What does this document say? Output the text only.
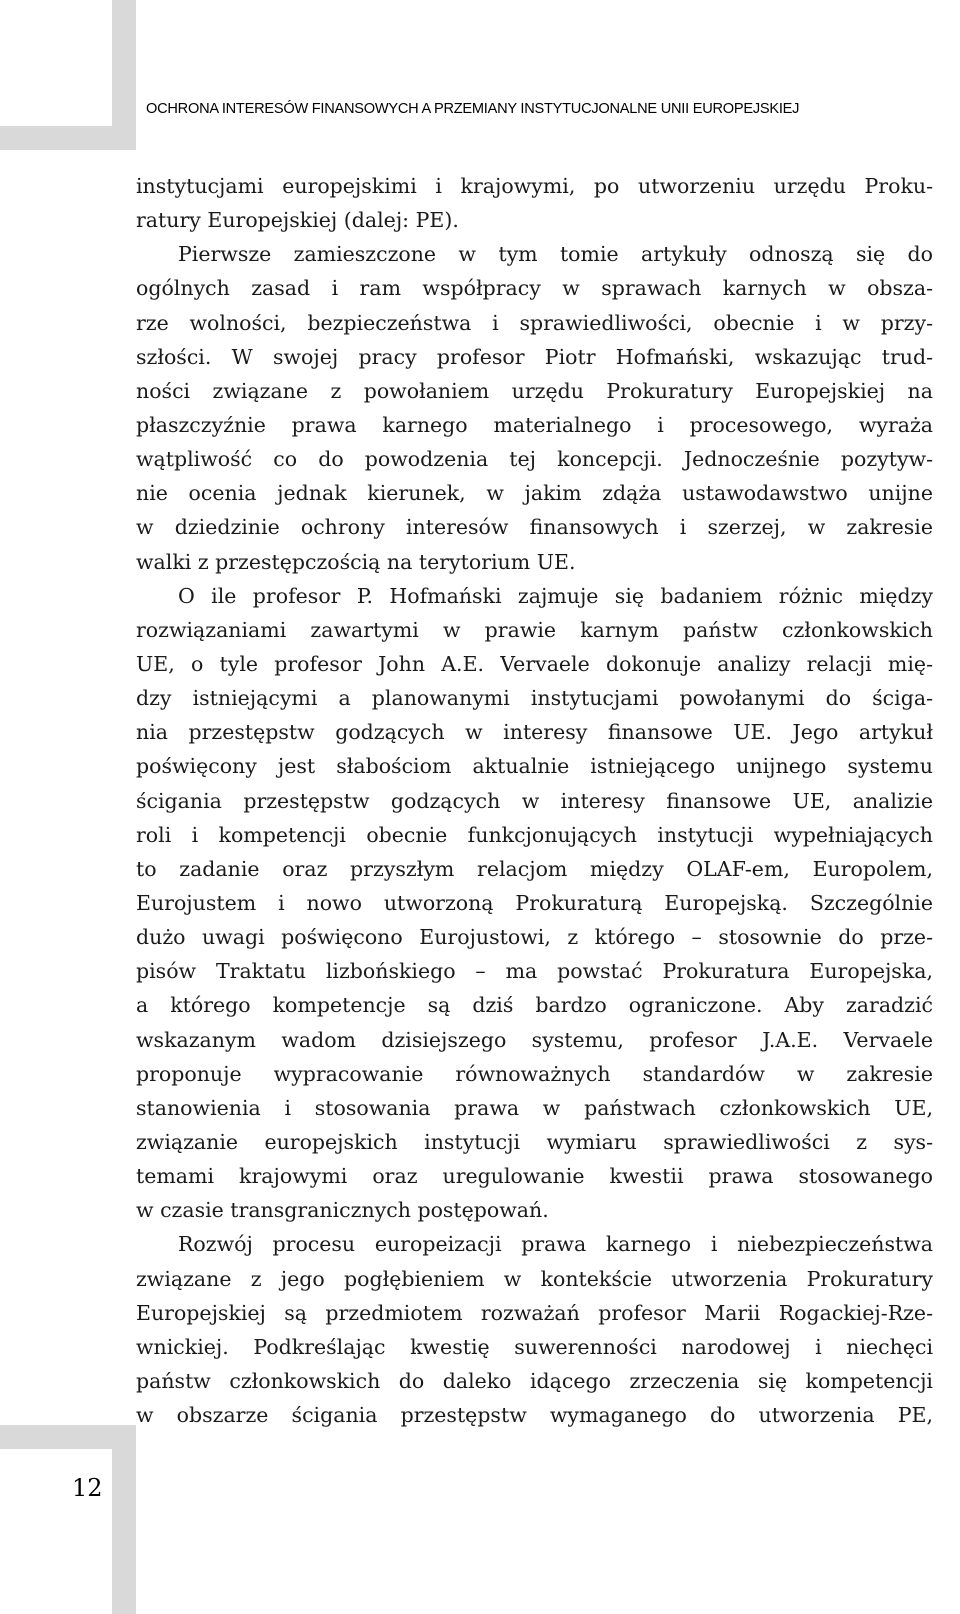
OCHRONA INTERESÓW FINANSOWYCH A PRZEMIANY INSTYTUCJONALNE UNII EUROPEJSKIEJ
instytucjami europejskimi i krajowymi, po utworzeniu urzędu Proku-
ratury Europejskiej (dalej: PE).
Pierwsze zamieszczone w tym tomie artykuły odnoszą się do
ogólnych zasad i ram współpracy w sprawach karnych w obsza-
rze wolności, bezpieczeństwa i sprawiedliwości, obecnie i w przy-
szłości. W swojej pracy profesor Piotr Hofmański, wskazując trud-
ności związane z powołaniem urzędu Prokuratury Europejskiej na
płaszczyźnie prawa karnego materialnego i procesowego, wyraża
wątpliwość co do powodzenia tej koncepcji. Jednocześnie pozytyw-
nie ocenia jednak kierunek, w jakim zdąża ustawodawstwo unijne
w dziedzinie ochrony interesów finansowych i szerzej, w zakresie
walki z przestępczością na terytorium UE.
O ile profesor P. Hofmański zajmuje się badaniem różnic między
rozwiązaniami zawartymi w prawie karnym państw członkowskich
UE, o tyle profesor John A.E. Vervaele dokonuje analizy relacji mię-
dzy istniejącymi a planowanymi instytucjami powołanymi do ściga-
nia przestępstw godzących w interesy finansowe UE. Jego artykuł
poświęcony jest słabościom aktualnie istniejącego unijnego systemu
ścigania przestępstw godzących w interesy finansowe UE, analizie
roli i kompetencji obecnie funkcjonujących instytucji wypełniających
to zadanie oraz przyszłym relacjom między OLAF-em, Europolem,
Eurojustem i nowo utworzoną Prokuraturą Europejską. Szczególnie
dużo uwagi poświęcono Eurojustowi, z którego – stosownie do prze-
pisów Traktatu lizbońskiego – ma powstać Prokuratura Europejska,
a którego kompetencje są dziś bardzo ograniczone. Aby zaradzić
wskazanym wadom dzisiejszego systemu, profesor J.A.E. Vervaele
proponuje wypracowanie równoważnych standardów w zakresie
stanowienia i stosowania prawa w państwach członkowskich UE,
związanie europejskich instytucji wymiaru sprawiedliwości z sys-
temami krajowymi oraz uregulowanie kwestii prawa stosowanego
w czasie transgranicznych postępowań.
Rozwój procesu europeizacji prawa karnego i niebezpieczeństwa
związane z jego pogłębieniem w kontekście utworzenia Prokuratury
Europejskiej są przedmiotem rozważań profesor Marii Rogackiej-Rze-
wnickiej. Podkreślając kwestię suwerenności narodowej i niechęci
państw członkowskich do daleko idącego zrzeczenia się kompetencji
w obszarze ścigania przestępstw wymaganego do utworzenia PE,
12
